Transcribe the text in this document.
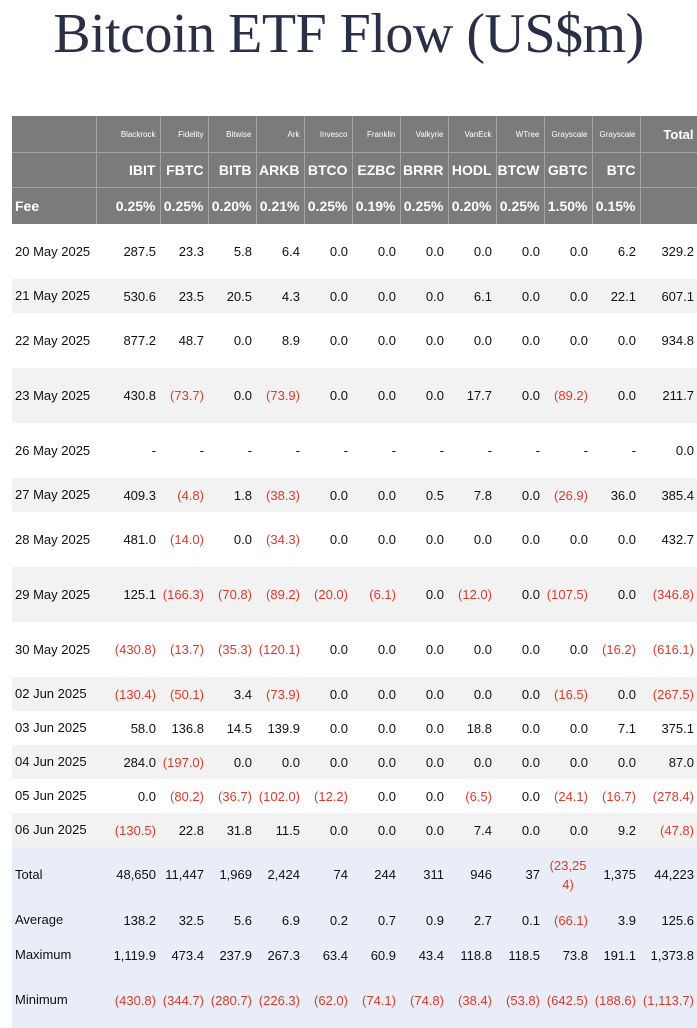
Bitcoin ETF Flow (US$m)
	Blackrock	Fidelity	Bitwise	Ark	Invesco	Franklin	Valkyrie	VanEck	WTree	Grayscale	Grayscale	Total
	IBIT	FBTC	BITB	ARKB	BTCO	EZBC	BRRR	HODL	BTCW	GBTC	BTC	
Fee	0.25%	0.25%	0.20%	0.21%	0.25%	0.19%	0.25%	0.20%	0.25%	1.50%	0.15%	
20 May 2025	287.5	23.3	5.8	6.4	0.0	0.0	0.0	0.0	0.0	0.0	6.2	329.2
21 May 2025	530.6	23.5	20.5	4.3	0.0	0.0	0.0	6.1	0.0	0.0	22.1	607.1
22 May 2025	877.2	48.7	0.0	8.9	0.0	0.0	0.0	0.0	0.0	0.0	0.0	934.8
23 May 2025	430.8	(73.7)	0.0	(73.9)	0.0	0.0	0.0	17.7	0.0	(89.2)	0.0	211.7
26 May 2025	-	-	-	-	-	-	-	-	-	-	-	0.0
27 May 2025	409.3	(4.8)	1.8	(38.3)	0.0	0.0	0.5	7.8	0.0	(26.9)	36.0	385.4
28 May 2025	481.0	(14.0)	0.0	(34.3)	0.0	0.0	0.0	0.0	0.0	0.0	0.0	432.7
29 May 2025	125.1	(166.3)	(70.8)	(89.2)	(20.0)	(6.1)	0.0	(12.0)	0.0	(107.5)	0.0	(346.8)
30 May 2025	(430.8)	(13.7)	(35.3)	(120.1)	0.0	0.0	0.0	0.0	0.0	0.0	(16.2)	(616.1)
02 Jun 2025	(130.4)	(50.1)	3.4	(73.9)	0.0	0.0	0.0	0.0	0.0	(16.5)	0.0	(267.5)
03 Jun 2025	58.0	136.8	14.5	139.9	0.0	0.0	0.0	18.8	0.0	0.0	7.1	375.1
04 Jun 2025	284.0	(197.0)	0.0	0.0	0.0	0.0	0.0	0.0	0.0	0.0	0.0	87.0
05 Jun 2025	0.0	(80.2)	(36.7)	(102.0)	(12.2)	0.0	0.0	(6.5)	0.0	(24.1)	(16.7)	(278.4)
06 Jun 2025	(130.5)	22.8	31.8	11.5	0.0	0.0	0.0	7.4	0.0	0.0	9.2	(47.8)
Total	48,650	11,447	1,969	2,424	74	244	311	946	37	(23,254)	1,375	44,223
Average	138.2	32.5	5.6	6.9	0.2	0.7	0.9	2.7	0.1	(66.1)	3.9	125.6
Maximum	1,119.9	473.4	237.9	267.3	63.4	60.9	43.4	118.8	118.5	73.8	191.1	1,373.8
Minimum	(430.8)	(344.7)	(280.7)	(226.3)	(62.0)	(74.1)	(74.8)	(38.4)	(53.8)	(642.5)	(188.6)	(1,113.7)
